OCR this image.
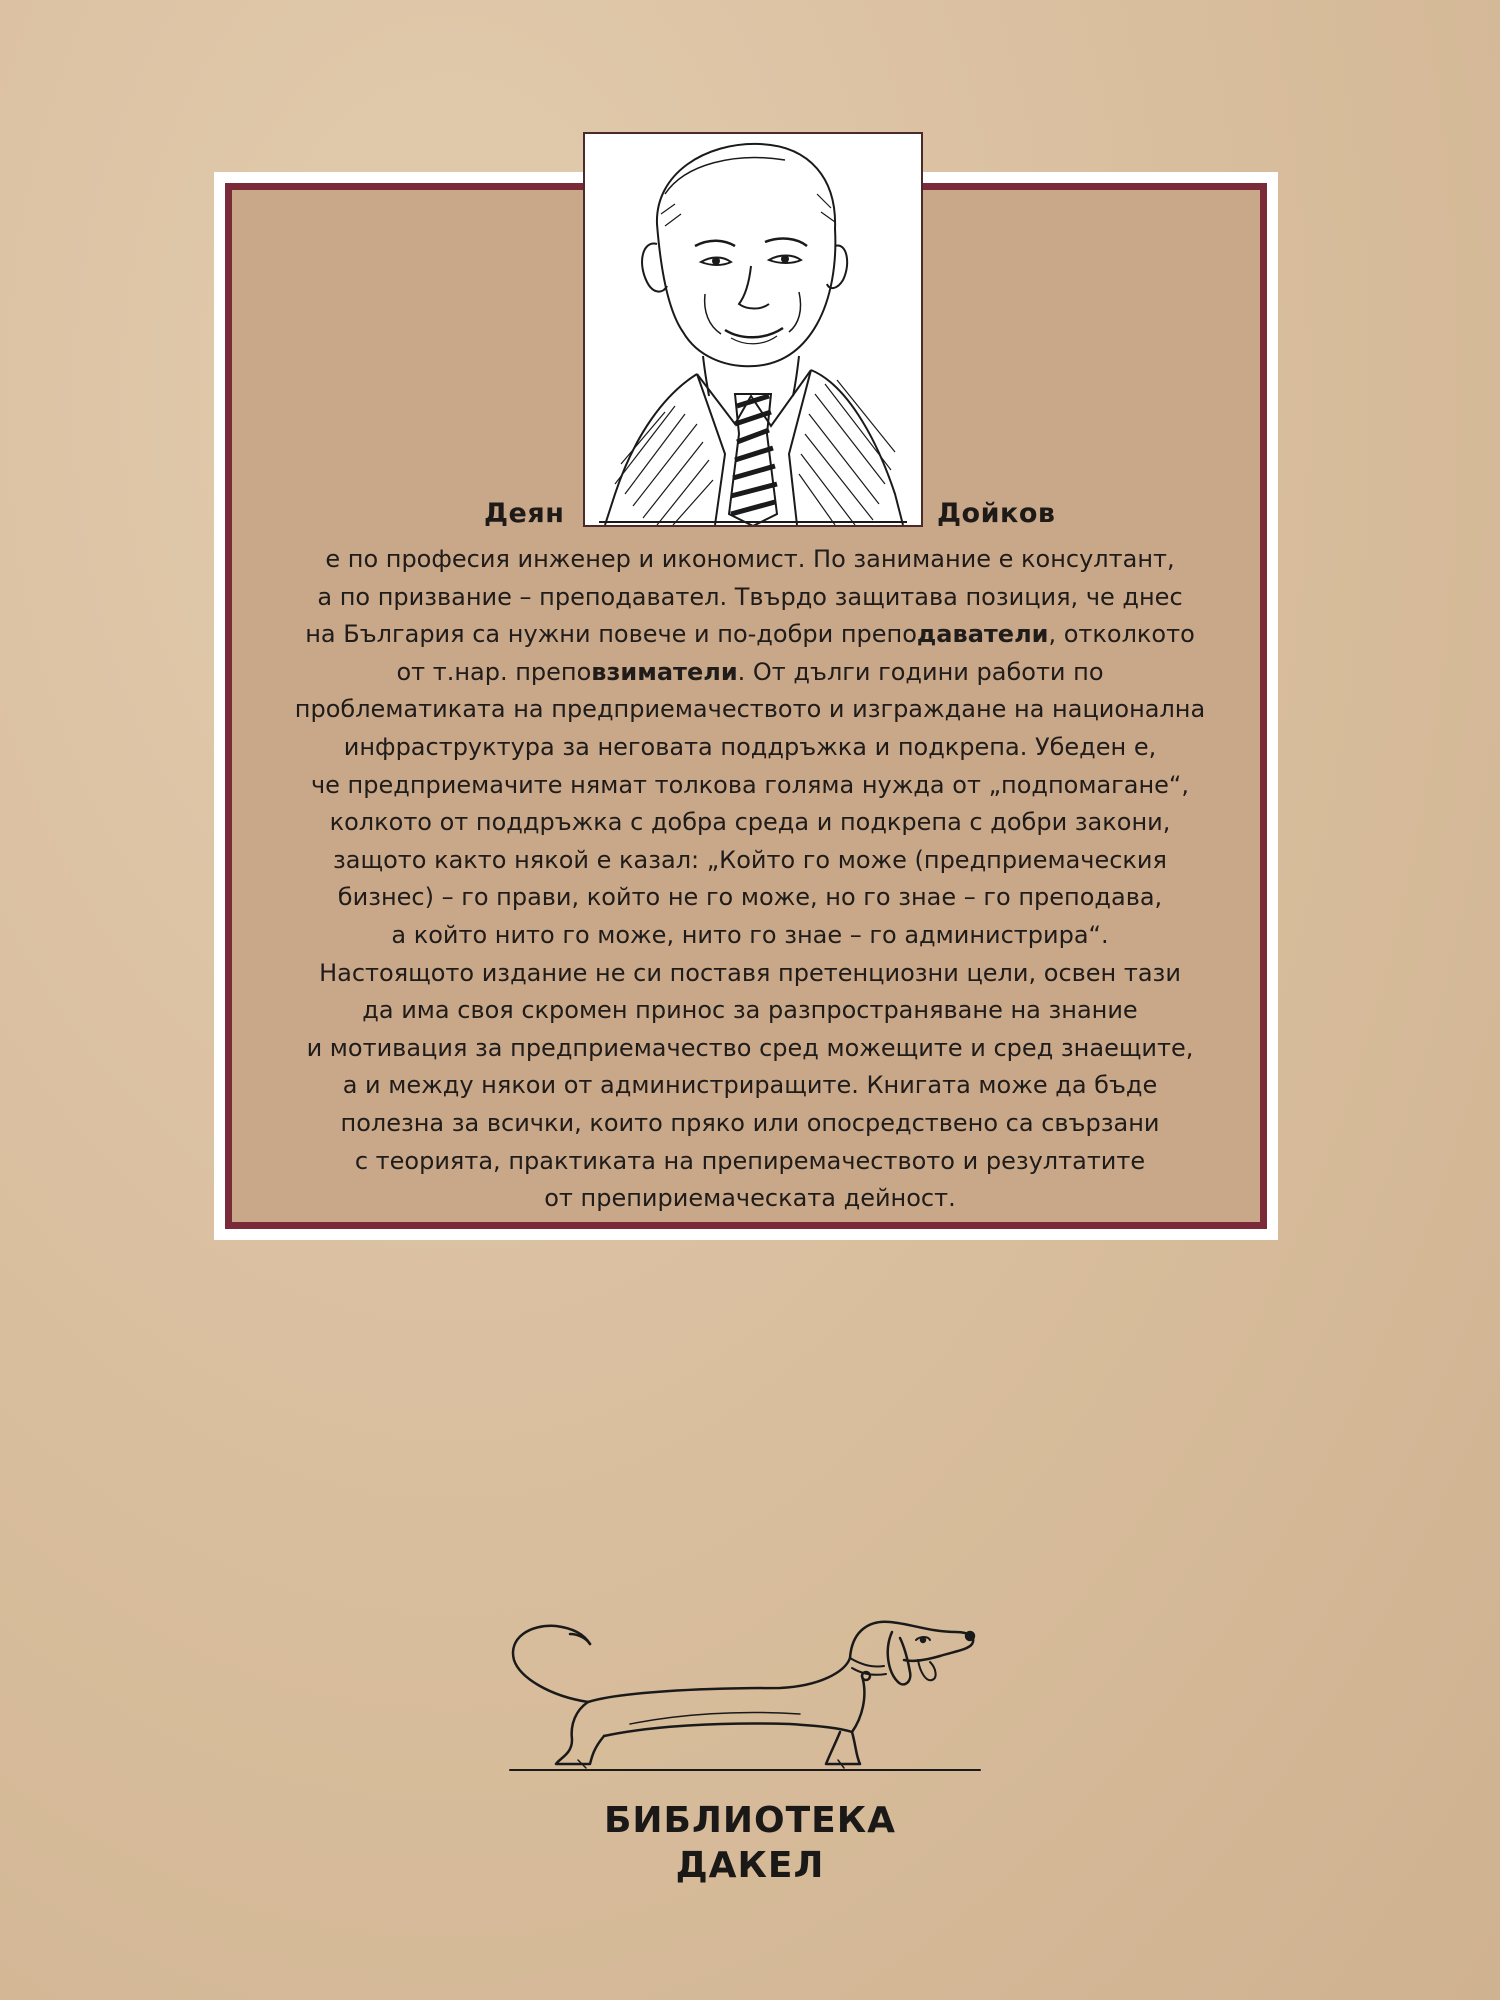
Деян	Дойков
е по професия инженер и икономист. По занимание е консултант,
а по призвание – преподавател. Твърдо защитава позиция, че днес
на България са нужни повече и по-добри преподаватели, отколкото
от т.нар. преповзиматели. От дълги години работи по
проблематиката на предприемачеството и изграждане на национална
инфраструктура за неговата поддръжка и подкрепа. Убеден е,
че предприемачите нямат толкова голяма нужда от „подпомагане“,
колкото от поддръжка с добра среда и подкрепа с добри закони,
защото както някой е казал: „Който го може (предприемаческия
бизнес) – го прави, който не го може, но го знае – го преподава,
а който нито го може, нито го знае – го администрира“.
Настоящото издание не си поставя претенциозни цели, освен тази
да има своя скромен принос за разпространяване на знание
и мотивация за предприемачество сред можещите и сред знаещите,
а и между някои от администриращите. Книгата може да бъде
полезна за всички, които пряко или опосредствено са свързани
с теорията, практиката на препиремачеството и резултатите
от препириемаческата дейност.
БИБЛИОТЕКА
ДАКЕЛ
